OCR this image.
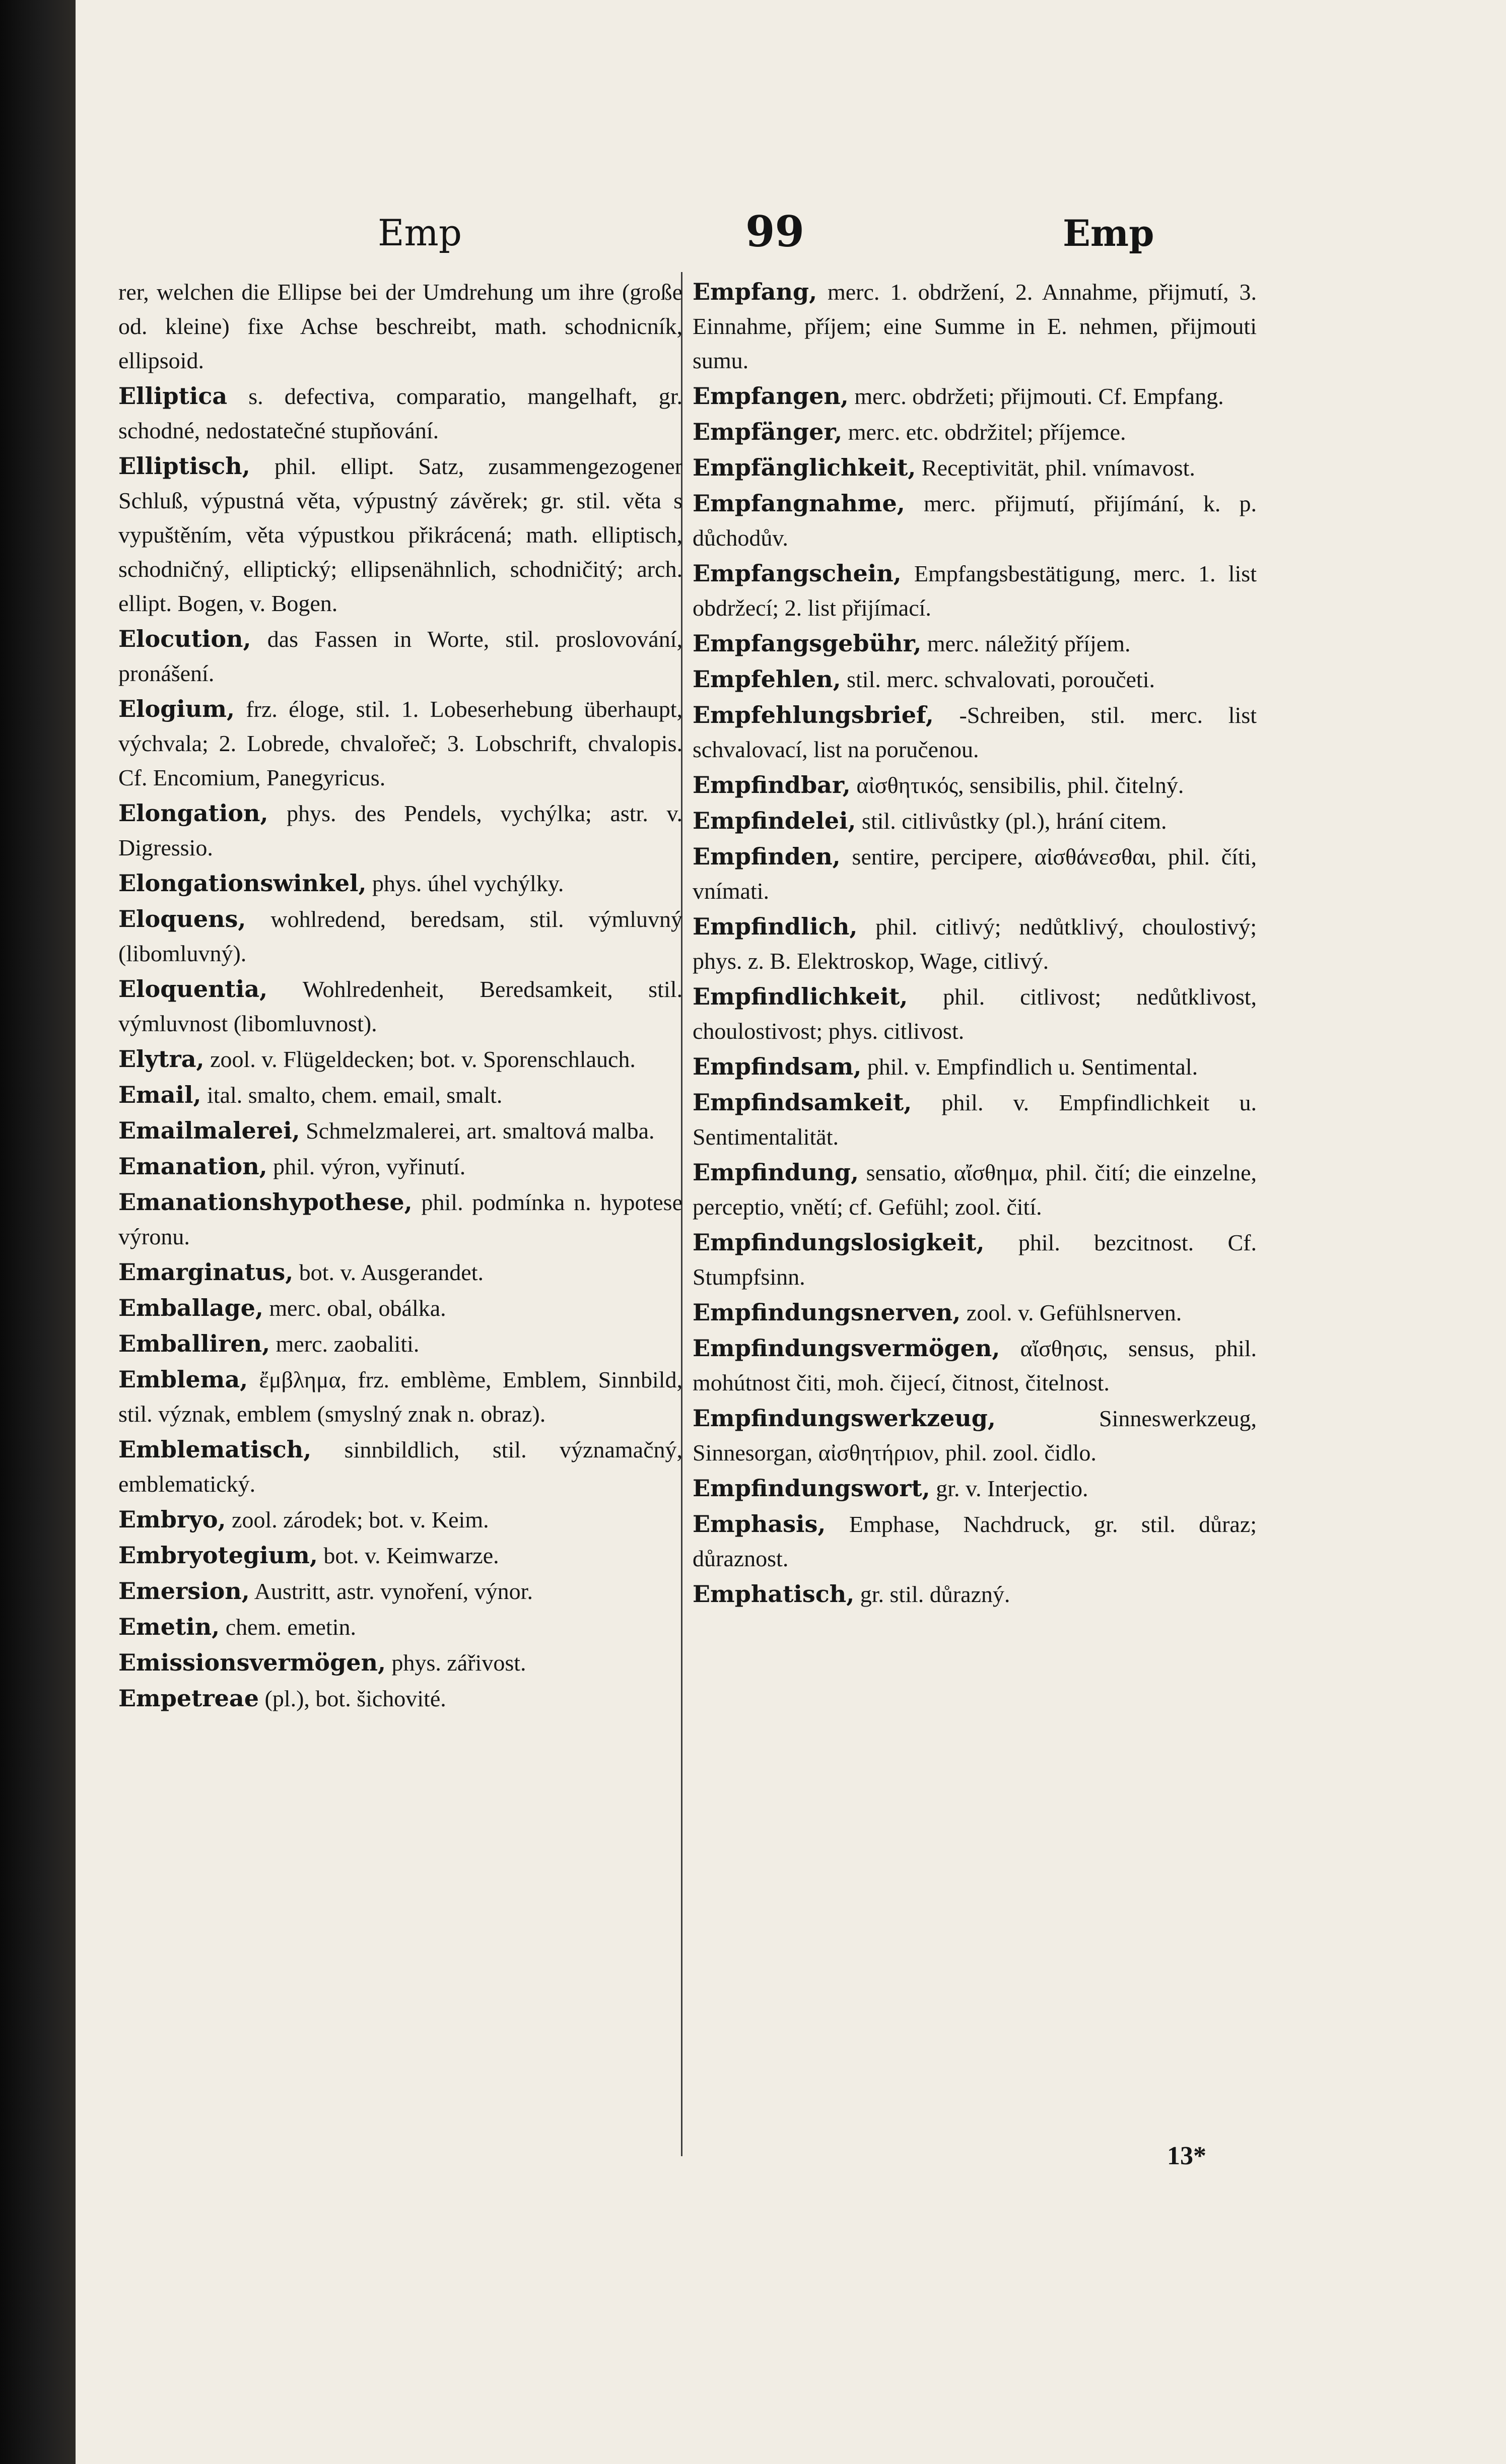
Emp	99	Emp
rer, welchen die Ellipse bei der Umdrehung um ihre (große od. kleine) fixe Achse beschreibt, math. schodnicník, ellipsoid.
Elliptica s. defectiva, comparatio, mangelhaft, gr. schodné, nedostatečné stupňování.
Elliptisch, phil. ellipt. Satz, zusammengezogener Schluß, výpustná věta, výpustný závěrek; gr. stil. věta s vypuštěním, věta výpustkou přikrácená; math. elliptisch, schodničný, elliptický; ellipsenähnlich, schodničitý; arch. ellipt. Bogen, v. Bogen.
Elocution, das Fassen in Worte, stil. proslovování, pronášení.
Elogium, frz. éloge, stil. 1. Lobeserhebung überhaupt, výchvala; 2. Lobrede, chvalořeč; 3. Lobschrift, chvalopis. Cf. Encomium, Panegyricus.
Elongation, phys. des Pendels, vychýlka; astr. v. Digressio.
Elongationswinkel, phys. úhel vychýlky.
Eloquens, wohlredend, beredsam, stil. výmluvný (libomluvný).
Eloquentia, Wohlredenheit, Beredsamkeit, stil. výmluvnost (libomluvnost).
Elytra, zool. v. Flügeldecken; bot. v. Sporenschlauch.
Email, ital. smalto, chem. email, smalt.
Emailmalerei, Schmelzmalerei, art. smaltová malba.
Emanation, phil. výron, vyřinutí.
Emanationshypothese, phil. podmínka n. hypotese výronu.
Emarginatus, bot. v. Ausgerandet.
Emballage, merc. obal, obálka.
Emballiren, merc. zaobaliti.
Emblema, ἔμβλημα, frz. emblème, Emblem, Sinnbild, stil. význak, emblem (smyslný znak n. obraz).
Emblematisch, sinnbildlich, stil. významačný, emblematický.
Embryo, zool. zárodek; bot. v. Keim.
Embryotegium, bot. v. Keimwarze.
Emersion, Austritt, astr. vynoření, výnor.
Emetin, chem. emetin.
Emissionsvermögen, phys. zářivost.
Empetreae (pl.), bot. šichovité.
Empfang, merc. 1. obdržení, 2. Annahme, přijmutí, 3. Einnahme, příjem; eine Summe in E. nehmen, přijmouti sumu.
Empfangen, merc. obdržeti; přijmouti. Cf. Empfang.
Empfänger, merc. etc. obdržitel; příjemce.
Empfänglichkeit, Receptivität, phil. vnímavost.
Empfangnahme, merc. přijmutí, přijímání, k. p. důchodův.
Empfangschein, Empfangsbestätigung, merc. 1. list obdržecí; 2. list přijímací.
Empfangsgebühr, merc. náležitý příjem.
Empfehlen, stil. merc. schvalovati, poroučeti.
Empfehlungsbrief, -Schreiben, stil. merc. list schvalovací, list na poručenou.
Empfindbar, αἰσθητικός, sensibilis, phil. čitelný.
Empfindelei, stil. citlivůstky (pl.), hrání citem.
Empfinden, sentire, percipere, αἰσθάνεσθαι, phil. číti, vnímati.
Empfindlich, phil. citlivý; nedůtklivý, choulostivý; phys. z. B. Elektroskop, Wage, citlivý.
Empfindlichkeit, phil. citlivost; nedůtklivost, choulostivost; phys. citlivost.
Empfindsam, phil. v. Empfindlich u. Sentimental.
Empfindsamkeit, phil. v. Empfindlichkeit u. Sentimentalität.
Empfindung, sensatio, αἴσθημα, phil. čití; die einzelne, perceptio, vnětí; cf. Gefühl; zool. čití.
Empfindungslosigkeit, phil. bezcitnost. Cf. Stumpfsinn.
Empfindungsnerven, zool. v. Gefühlsnerven.
Empfindungsvermögen, αἴσθησις, sensus, phil. mohútnost čiti, moh. čijecí, čitnost, čitelnost.
Empfindungswerkzeug,	Sinneswerkzeug, Sinnesorgan, αἰσθητήριον, phil. zool. čidlo.
Empfindungswort, gr. v. Interjectio.
Emphasis, Emphase, Nachdruck, gr. stil. důraz; důraznost.
Emphatisch, gr. stil. důrazný.
13*
